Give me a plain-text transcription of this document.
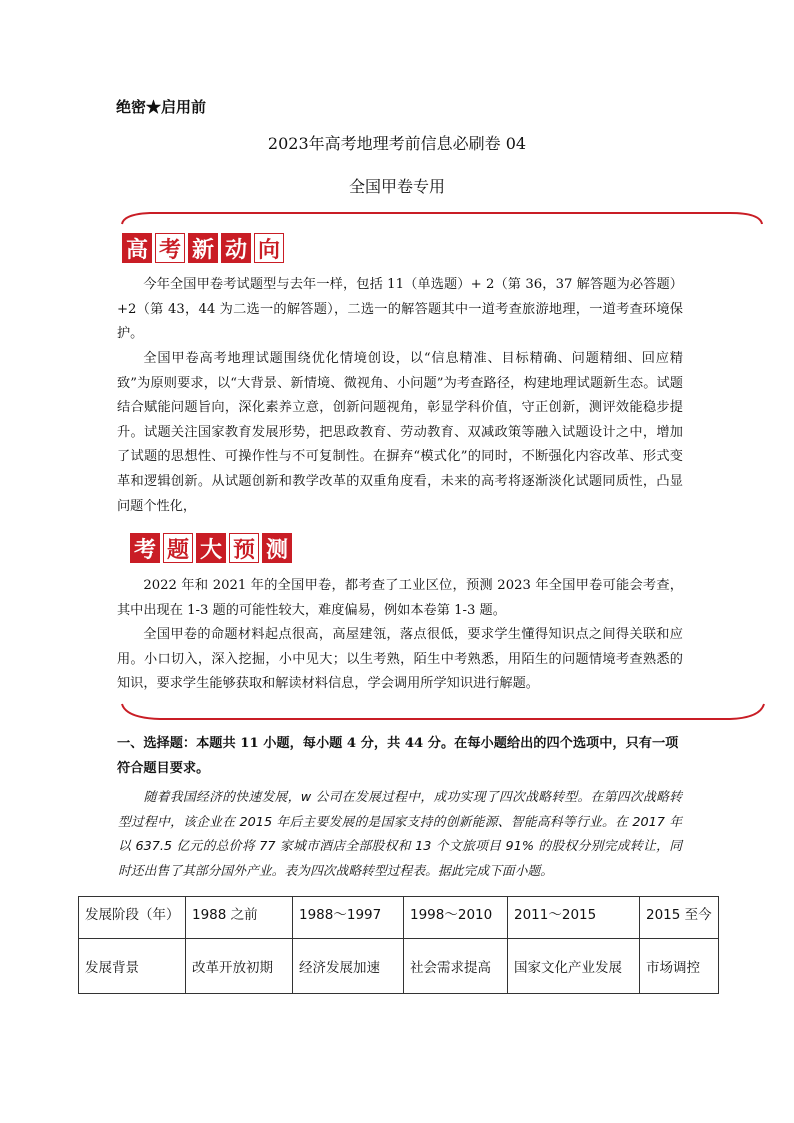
绝密★启用前
2023年高考地理考前信息必刷卷 04
全国甲卷专用
高 考 新 动 向
今年全国甲卷考试题型与去年一样，包括 11（单选题）+ 2（第 36，37 解答题为必答题）+2（第 43，44 为二选一的解答题），二选一的解答题其中一道考查旅游地理，一道考查环境保护。
全国甲卷高考地理试题围绕优化情境创设，以“信息精准、目标精确、问题精细、回应精致”为原则要求，以“大背景、新情境、微视角、小问题”为考查路径，构建地理试题新生态。试题结合赋能问题旨向，深化素养立意，创新问题视角，彰显学科价值，守正创新，测评效能稳步提升。试题关注国家教育发展形势，把思政教育、劳动教育、双减政策等融入试题设计之中，增加了试题的思想性、可操作性与不可复制性。在摒弃“模式化”的同时，不断强化内容改革、形式变革和逻辑创新。从试题创新和教学改革的双重角度看，未来的高考将逐渐淡化试题同质性，凸显问题个性化，
考 题 大 预 测
2022 年和 2021 年的全国甲卷，都考查了工业区位，预测 2023 年全国甲卷可能会考查，其中出现在 1-3 题的可能性较大，难度偏易，例如本卷第 1-3 题。
全国甲卷的命题材料起点很高，高屋建瓴，落点很低，要求学生懂得知识点之间得关联和应用。小口切入，深入挖掘，小中见大；以生考熟，陌生中考熟悉，用陌生的问题情境考查熟悉的知识，要求学生能够获取和解读材料信息，学会调用所学知识进行解题。
一、选择题：本题共 11 小题，每小题 4 分，共 44 分。在每小题给出的四个选项中，只有一项符合题目要求。
随着我国经济的快速发展，w 公司在发展过程中，成功实现了四次战略转型。在第四次战略转型过程中，该企业在 2015 年后主要发展的是国家支持的创新能源、智能高科等行业。在 2017 年以 637.5 亿元的总价将 77 家城市酒店全部股权和 13 个文旅项目 91% 的股权分别完成转让，同时还出售了其部分国外产业。表为四次战略转型过程表。据此完成下面小题。
发展阶段（年）	1988 之前	1988～1997	1998～2010	2011～2015	2015 至今
发展背景	改革开放初期	经济发展加速	社会需求提高	国家文化产业发展	市场调控
